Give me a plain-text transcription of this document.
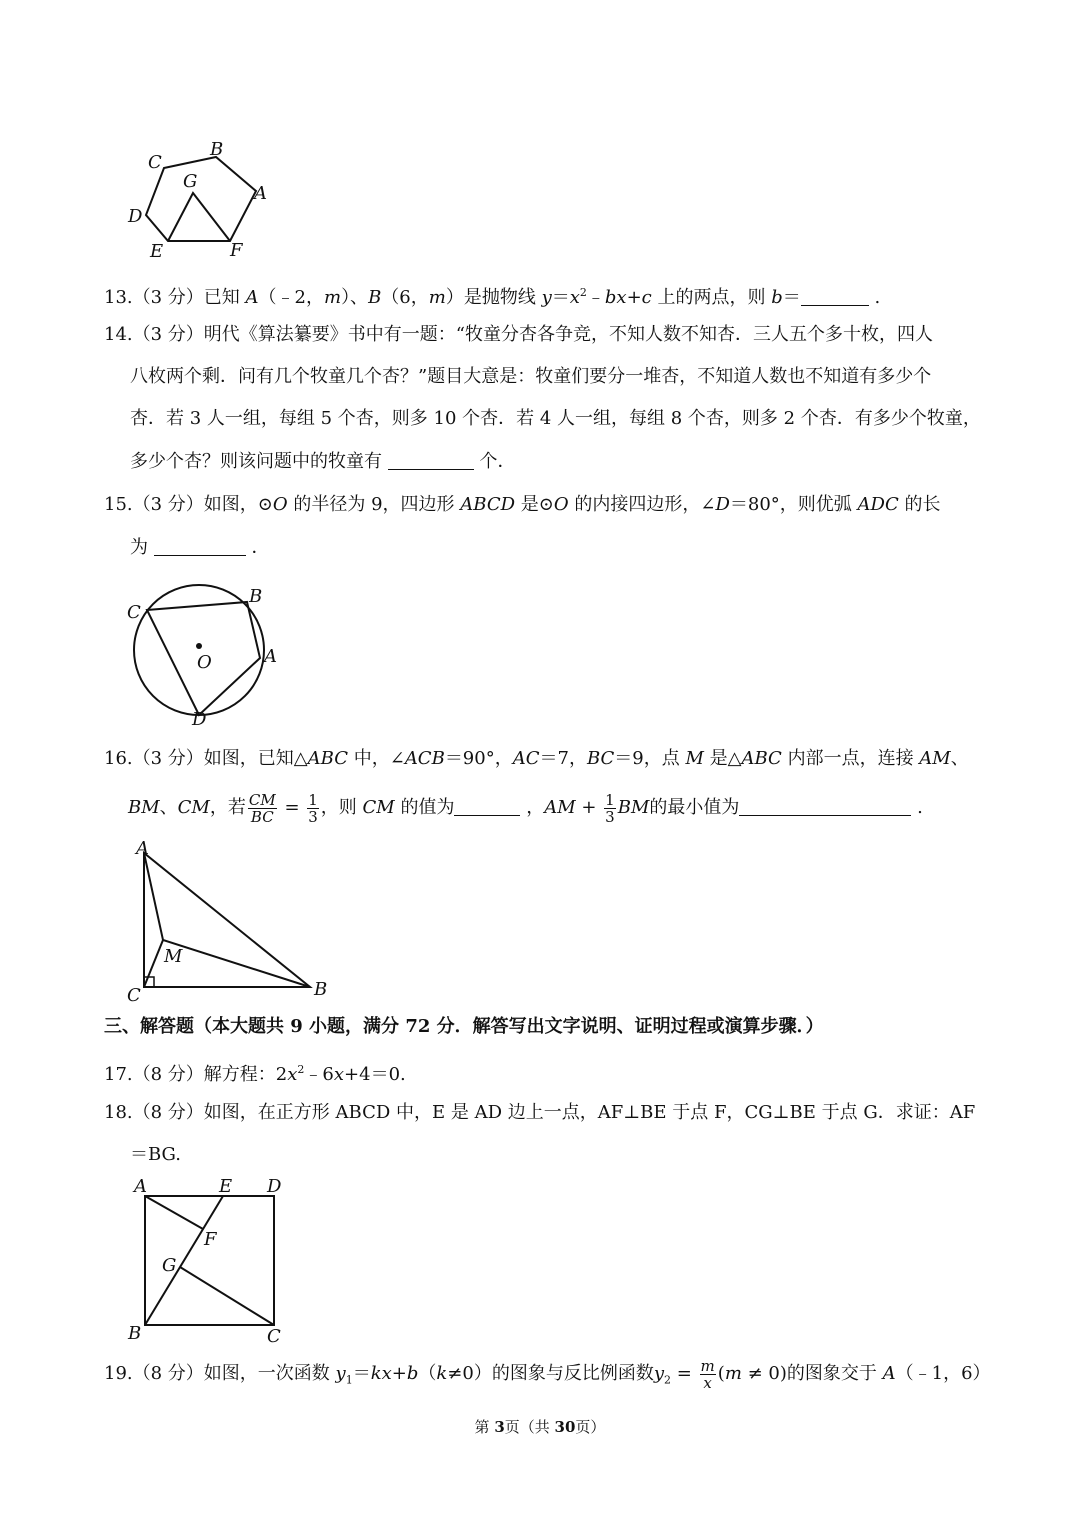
B
C
G
A
D
E	F
13.（3 分）已知 A（﹣2，m）、B（6，m）是抛物线 $y=x^2﹣bx+c$ 上的两点，则 b＝	.
14.（3 分）明代《算法纂要》书中有一题：“牧童分杏各争竞，不知人数不知杏．三人五个多十枚，四人
八枚两个剩．问有几个牧童几个杏？”题目大意是：牧童们要分一堆杏，不知道人数也不知道有多少个
杏．若 3 人一组，每组 5 个杏，则多 10 个杏．若 4 人一组，每组 8 个杏，则多 2 个杏．有多少个牧童，
多少个杏？则该问题中的牧童有	个．
15.（3 分）如图，⊙O 的半径为 9，四边形 ABCD 是⊙O 的内接四边形，∠D＝80°，则优弧 ADC 的长
为	．
C
B
O	A
D
16.（3 分）如图，已知△ABC 中，∠ACB＝90°，AC＝7，BC＝9，点 M 是△ABC 内部一点，连接 AM、
BM、CM，若 $\frac{CM}{BC} = \frac{1}{3}$ ，则 CM 的值为	，AM + $\frac{1}{3}$ BM的最小值为	.
A
M
C	B
三、解答题（本大题共 9 小题，满分 72 分．解答写出文字说明、证明过程或演算步骤．）
17.（8 分）解方程：$2x^2﹣6x+4=0$.
18.（8 分）如图，在正方形 ABCD 中，E 是 AD 边上一点，AF⊥BE 于点 F，CG⊥BE 于点 G．求证：AF
＝BG.
A	E D
F
G
B	C
19.（8 分）如图，一次函数 $y_1=kx+b(k\ne 0)$的图象与反比例函数$y_2 = \frac{m}{x} (m \ne 0)$的图象交于 A（﹣1，6）
第 3页（共 30页）
